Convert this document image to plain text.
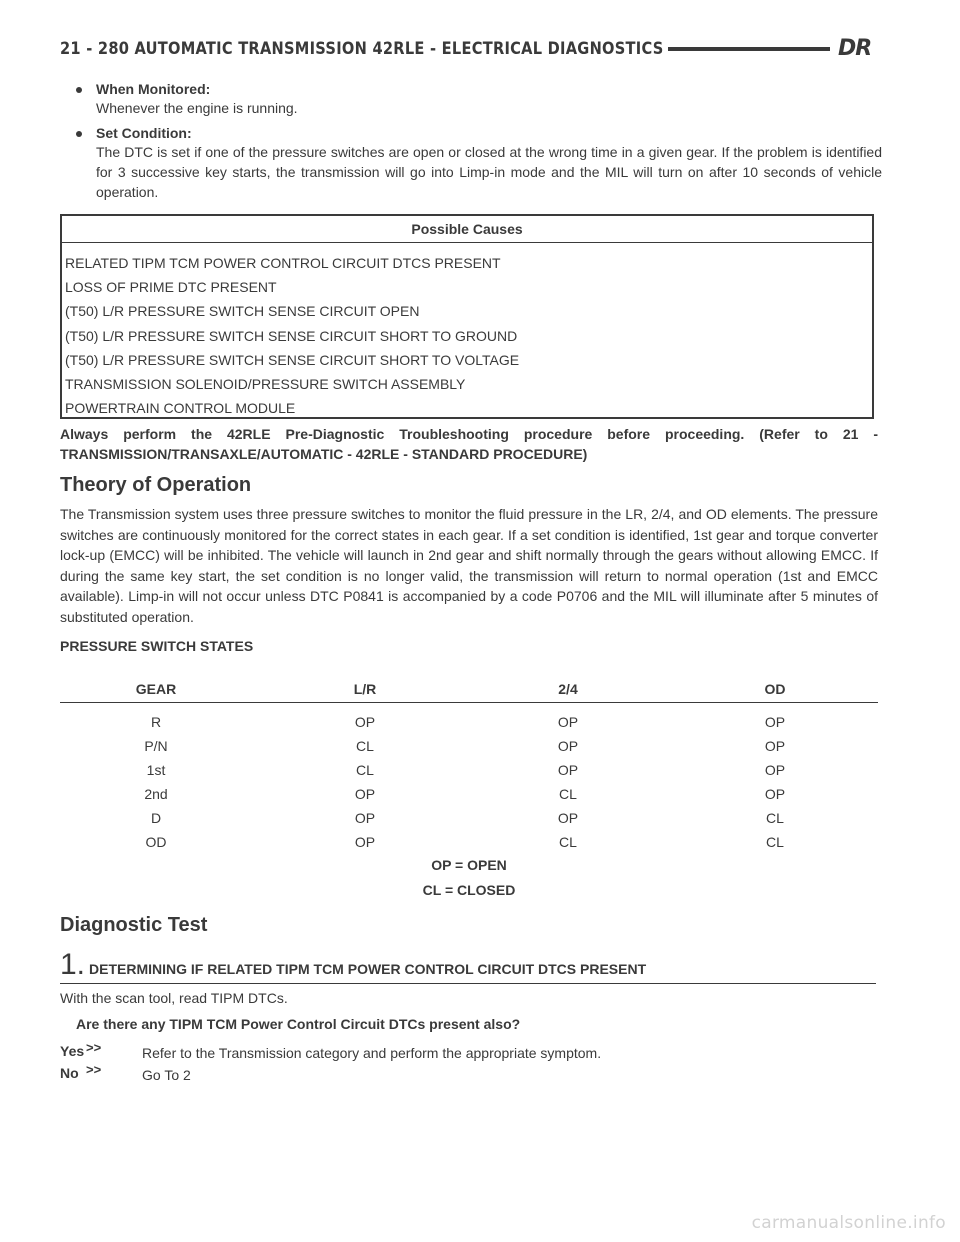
21 - 280 AUTOMATIC TRANSMISSION 42RLE - ELECTRICAL DIAGNOSTICS	DR
When Monitored:
Whenever the engine is running.
Set Condition:
The DTC is set if one of the pressure switches are open or closed at the wrong time in a given gear. If the problem is identified for 3 successive key starts, the transmission will go into Limp-in mode and the MIL will turn on after 10 seconds of vehicle operation.
Possible Causes
RELATED TIPM TCM POWER CONTROL CIRCUIT DTCS PRESENT
LOSS OF PRIME DTC PRESENT
(T50) L/R PRESSURE SWITCH SENSE CIRCUIT OPEN
(T50) L/R PRESSURE SWITCH SENSE CIRCUIT SHORT TO GROUND
(T50) L/R PRESSURE SWITCH SENSE CIRCUIT SHORT TO VOLTAGE
TRANSMISSION SOLENOID/PRESSURE SWITCH ASSEMBLY
POWERTRAIN CONTROL MODULE
Always perform the 42RLE Pre-Diagnostic Troubleshooting procedure before proceeding. (Refer to 21 - TRANSMISSION/TRANSAXLE/AUTOMATIC - 42RLE - STANDARD PROCEDURE)
Theory of Operation
The Transmission system uses three pressure switches to monitor the fluid pressure in the LR, 2/4, and OD elements. The pressure switches are continuously monitored for the correct states in each gear. If a set condition is identified, 1st gear and torque converter lock-up (EMCC) will be inhibited. The vehicle will launch in 2nd gear and shift normally through the gears without allowing EMCC. If during the same key start, the set condition is no longer valid, the transmission will return to normal operation (1st and EMCC available). Limp-in will not occur unless DTC P0841 is accompanied by a code P0706 and the MIL will illuminate after 5 minutes of substituted operation.
PRESSURE SWITCH STATES
GEAR	L/R	2/4	OD
R	OP	OP	OP
P/N	CL	OP	OP
1st	CL	OP	OP
2nd	OP	CL	OP
D	OP	OP	CL
OD	OP	CL	CL
OP = OPEN
CL = CLOSED
Diagnostic Test
1. DETERMINING IF RELATED TIPM TCM POWER CONTROL CIRCUIT DTCS PRESENT
With the scan tool, read TIPM DTCs.
Are there any TIPM TCM Power Control Circuit DTCs present also?
Yes >>	Refer to the Transmission category and perform the appropriate symptom.
No >>	Go To 2
carmanualsonline.info
